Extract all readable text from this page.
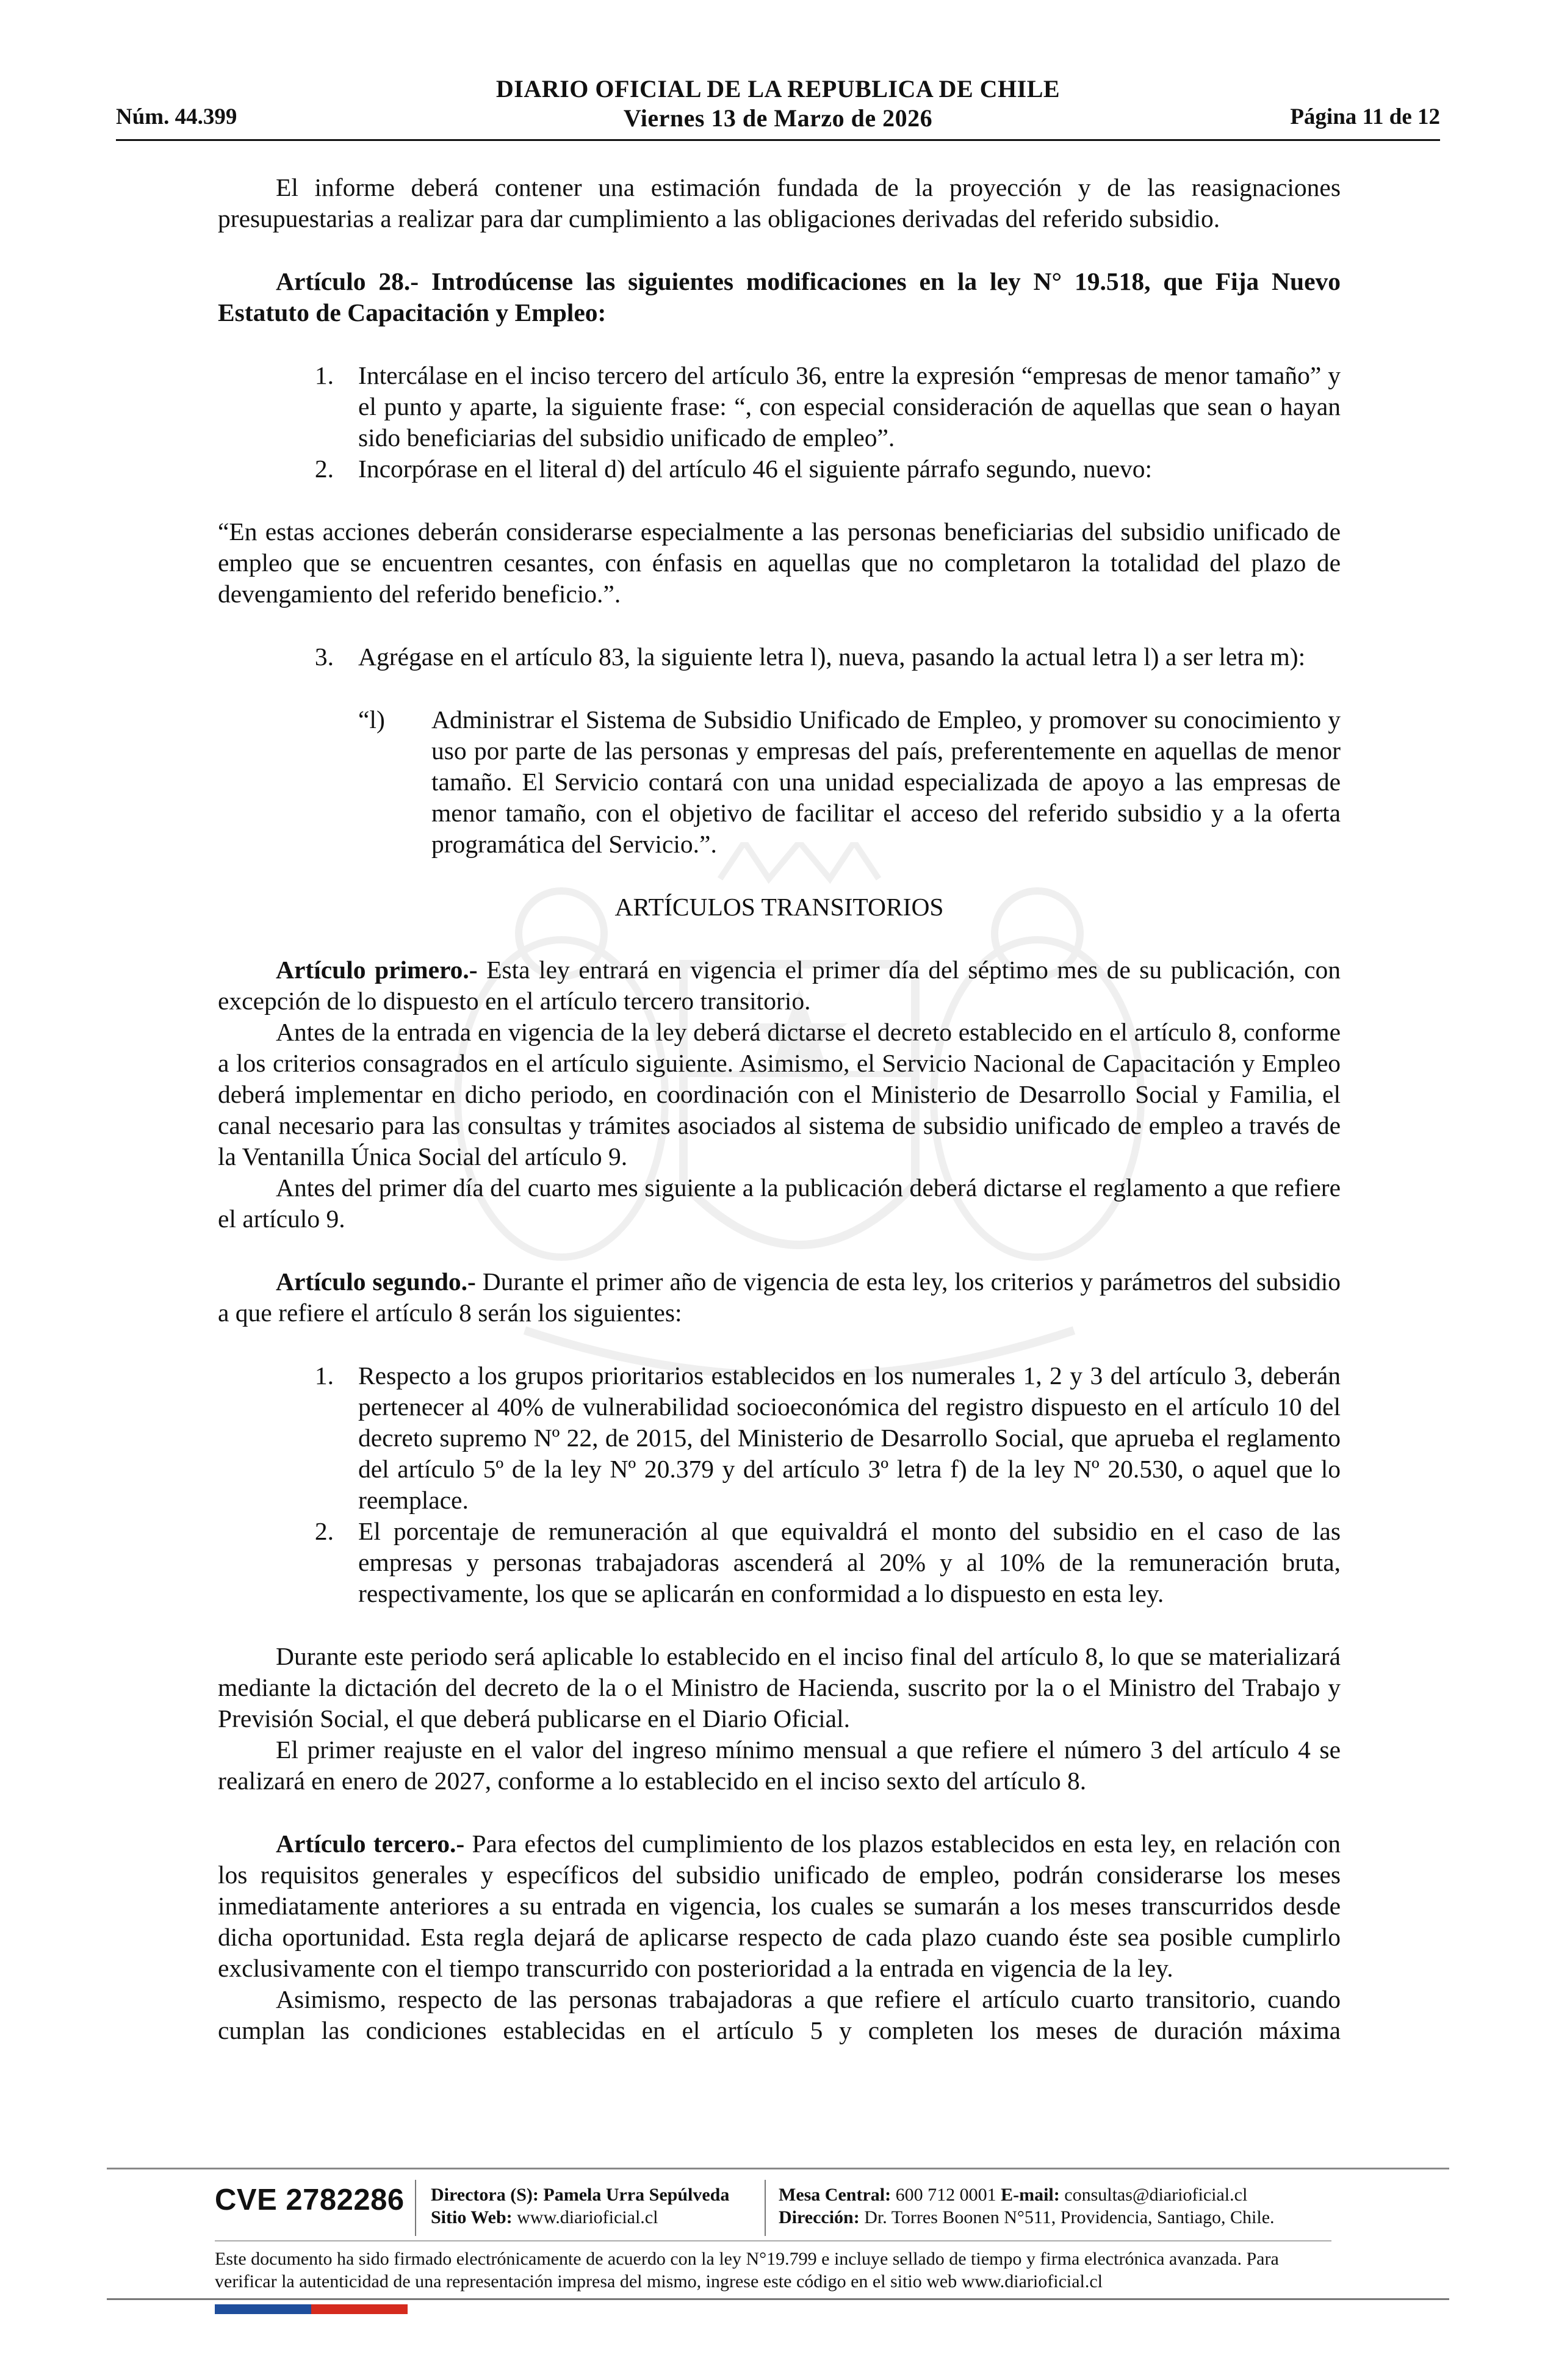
DIARIO OFICIAL DE LA REPUBLICA DE CHILE
Viernes 13 de Marzo de 2026
Núm. 44.399	Página 11 de 12

El informe deberá contener una estimación fundada de la proyección y de las reasignaciones presupuestarias a realizar para dar cumplimiento a las obligaciones derivadas del referido subsidio.

Artículo 28.- Introdúcense las siguientes modificaciones en la ley N° 19.518, que Fija Nuevo Estatuto de Capacitación y Empleo:

1. Intercálase en el inciso tercero del artículo 36, entre la expresión “empresas de menor tamaño” y el punto y aparte, la siguiente frase: “, con especial consideración de aquellas que sean o hayan sido beneficiarias del subsidio unificado de empleo”.
2. Incorpórase en el literal d) del artículo 46 el siguiente párrafo segundo, nuevo:

“En estas acciones deberán considerarse especialmente a las personas beneficiarias del subsidio unificado de empleo que se encuentren cesantes, con énfasis en aquellas que no completaron la totalidad del plazo de devengamiento del referido beneficio.”.

3. Agrégase en el artículo 83, la siguiente letra l), nueva, pasando la actual letra l) a ser letra m):
“l)	Administrar el Sistema de Subsidio Unificado de Empleo, y promover su conocimiento y uso por parte de las personas y empresas del país, preferentemente en aquellas de menor tamaño. El Servicio contará con una unidad especializada de apoyo a las empresas de menor tamaño, con el objetivo de facilitar el acceso del referido subsidio y a la oferta programática del Servicio.”.

ARTÍCULOS TRANSITORIOS

Artículo primero.- Esta ley entrará en vigencia el primer día del séptimo mes de su publicación, con excepción de lo dispuesto en el artículo tercero transitorio.

Antes de la entrada en vigencia de la ley deberá dictarse el decreto establecido en el artículo 8, conforme a los criterios consagrados en el artículo siguiente. Asimismo, el Servicio Nacional de Capacitación y Empleo deberá implementar en dicho periodo, en coordinación con el Ministerio de Desarrollo Social y Familia, el canal necesario para las consultas y trámites asociados al sistema de subsidio unificado de empleo a través de la Ventanilla Única Social del artículo 9.

Antes del primer día del cuarto mes siguiente a la publicación deberá dictarse el reglamento a que refiere el artículo 9.

Artículo segundo.- Durante el primer año de vigencia de esta ley, los criterios y parámetros del subsidio a que refiere el artículo 8 serán los siguientes:

1. Respecto a los grupos prioritarios establecidos en los numerales 1, 2 y 3 del artículo 3, deberán pertenecer al 40% de vulnerabilidad socioeconómica del registro dispuesto en el artículo 10 del decreto supremo Nº 22, de 2015, del Ministerio de Desarrollo Social, que aprueba el reglamento del artículo 5º de la ley Nº 20.379 y del artículo 3º letra f) de la ley Nº 20.530, o aquel que lo reemplace.
2. El porcentaje de remuneración al que equivaldrá el monto del subsidio en el caso de las empresas y personas trabajadoras ascenderá al 20% y al 10% de la remuneración bruta, respectivamente, los que se aplicarán en conformidad a lo dispuesto en esta ley.

Durante este periodo será aplicable lo establecido en el inciso final del artículo 8, lo que se materializará mediante la dictación del decreto de la o el Ministro de Hacienda, suscrito por la o el Ministro del Trabajo y Previsión Social, el que deberá publicarse en el Diario Oficial.

El primer reajuste en el valor del ingreso mínimo mensual a que refiere el número 3 del artículo 4 se realizará en enero de 2027, conforme a lo establecido en el inciso sexto del artículo 8.

Artículo tercero.- Para efectos del cumplimiento de los plazos establecidos en esta ley, en relación con los requisitos generales y específicos del subsidio unificado de empleo, podrán considerarse los meses inmediatamente anteriores a su entrada en vigencia, los cuales se sumarán a los meses transcurridos desde dicha oportunidad. Esta regla dejará de aplicarse respecto de cada plazo cuando éste sea posible cumplirlo exclusivamente con el tiempo transcurrido con posterioridad a la entrada en vigencia de la ley.

Asimismo, respecto de las personas trabajadoras a que refiere el artículo cuarto transitorio, cuando cumplan las condiciones establecidas en el artículo 5 y completen los meses de duración máxima

CVE 2782286 Directora (S): Pamela Urra Sepúlveda
Sitio Web: www.diarioficial.cl
Mesa Central: 600 712 0001 E-mail: consultas@diarioficial.cl
Dirección: Dr. Torres Boonen N°511, Providencia, Santiago, Chile.
Este documento ha sido firmado electrónicamente de acuerdo con la ley N°19.799 e incluye sellado de tiempo y firma electrónica avanzada. Para verificar la autenticidad de una representación impresa del mismo, ingrese este código en el sitio web www.diarioficial.cl
